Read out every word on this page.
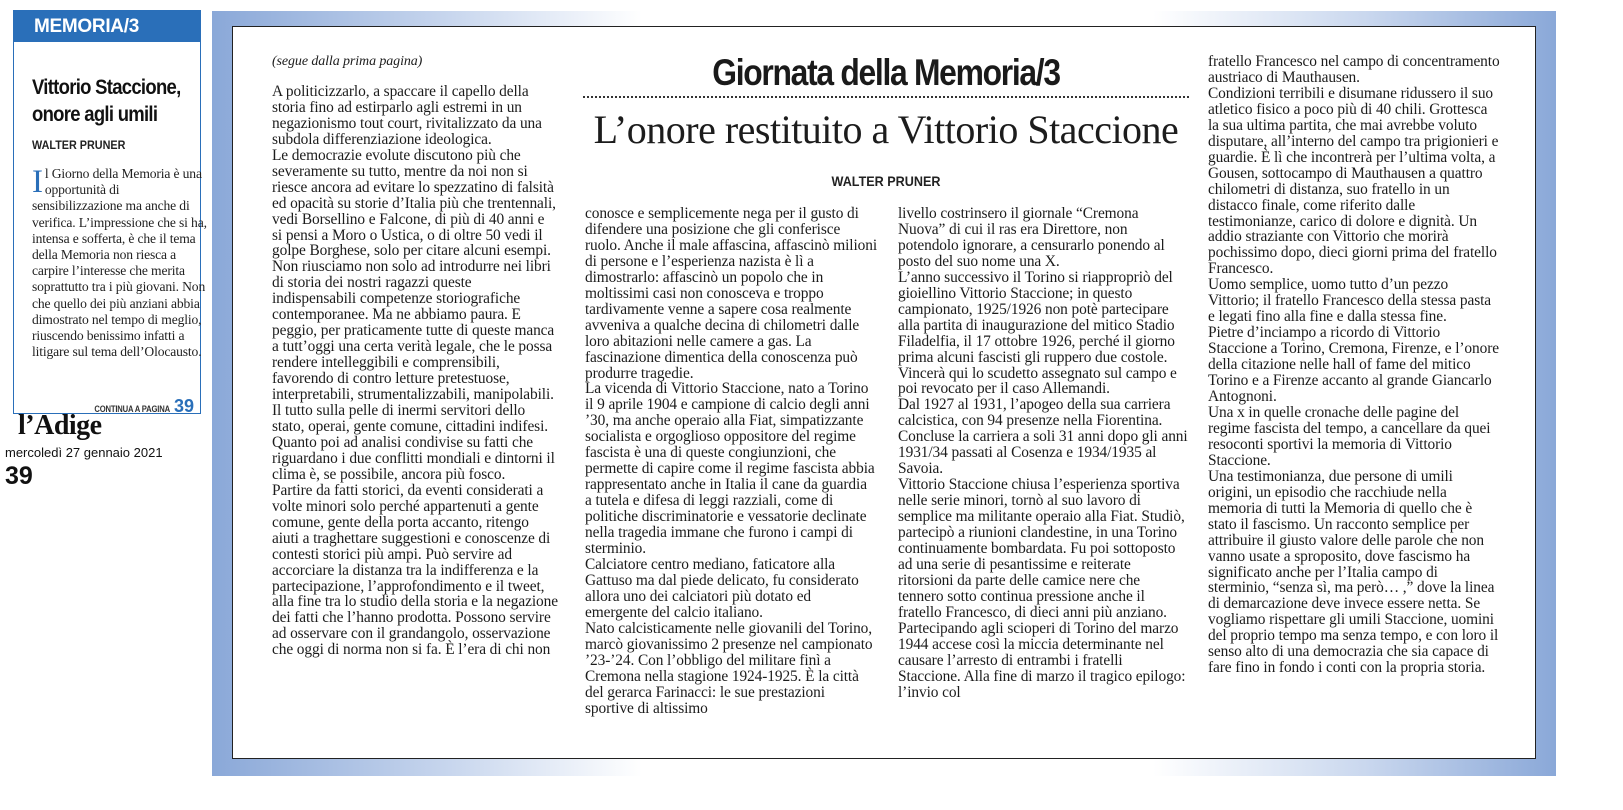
MEMORIA/3
Vittorio Staccione, onore agli umili
WALTER PRUNER
Il Giorno della Memoria è una opportunità di sensibilizzazione ma anche di verifica. L’impressione che si ha, intensa e sofferta, è che il tema della Memoria non riesca a carpire l’interesse che merita soprattutto tra i più giovani. Non che quello dei più anziani abbia dimostrato nel tempo di meglio, riuscendo benissimo infatti a litigare sul tema dell’Olocausto.
CONTINUA A PAGINA 39
l’Adige
mercoledì 27 gennaio 2021
39
Giornata della Memoria/3
L’onore restituito a Vittorio Staccione
WALTER PRUNER

(segue dalla prima pagina)

A politicizzarlo, a spaccare il capello della storia fino ad estirparlo agli estremi in un negazionismo tout court, rivitalizzato da una subdola differenziazione ideologica.

Le democrazie evolute discutono più che severamente su tutto, mentre da noi non si riesce ancora ad evitare lo spezzatino di falsità ed opacità su storie d’Italia più che trentennali, vedi Borsellino e Falcone, di più di 40 anni e si pensi a Moro o Ustica, o di oltre 50 vedi il golpe Borghese, solo per citare alcuni esempi.

Non riusciamo non solo ad introdurre nei libri di storia dei nostri ragazzi queste indispensabili competenze storiografiche contemporanee. Ma ne abbiamo paura. E peggio, per praticamente tutte di queste manca a tutt’oggi una certa verità legale, che le possa rendere intelleggibili e comprensibili, favorendo di contro letture pretestuose, interpretabili, strumentalizzabili, manipolabili. Il tutto sulla pelle di inermi servitori dello stato, operai, gente comune, cittadini indifesi.

Quanto poi ad analisi condivise su fatti che riguardano i due conflitti mondiali e dintorni il clima è, se possibile, ancora più fosco.

Partire da fatti storici, da eventi considerati a volte minori solo perché appartenuti a gente comune, gente della porta accanto, ritengo aiuti a traghettare suggestioni e conoscenze di contesti storici più ampi. Può servire ad accorciare la distanza tra la indifferenza e la partecipazione, l’approfondimento e il tweet, alla fine tra lo studio della storia e la negazione dei fatti che l’hanno prodotta. Possono servire ad osservare con il grandangolo, osservazione che oggi di norma non si fa. È l’era di chi non

conosce e semplicemente nega per il gusto di difendere una posizione che gli conferisce ruolo. Anche il male affascina, affascinò milioni di persone e l’esperienza nazista è lì a dimostrarlo: affascinò un popolo che in moltissimi casi non conosceva e troppo tardivamente venne a sapere cosa realmente avveniva a qualche decina di chilometri dalle loro abitazioni nelle camere a gas. La fascinazione dimentica della conoscenza può produrre tragedie.

La vicenda di Vittorio Staccione, nato a Torino il 9 aprile 1904 e campione di calcio degli anni ’30, ma anche operaio alla Fiat, simpatizzante socialista e orgoglioso oppositore del regime fascista è una di queste congiunzioni, che permette di capire come il regime fascista abbia rappresentato anche in Italia il cane da guardia a tutela e difesa di leggi razziali, come di politiche discriminatorie e vessatorie declinate nella tragedia immane che furono i campi di sterminio.

Calciatore centro mediano, faticatore alla Gattuso ma dal piede delicato, fu considerato allora uno dei calciatori più dotato ed emergente del calcio italiano.

Nato calcisticamente nelle giovanili del Torino, marcò giovanissimo 2 presenze nel campionato ’23-’24. Con l’obbligo del militare finì a Cremona nella stagione 1924-1925. È la città del gerarca Farinacci: le sue prestazioni sportive di altissimo

livello costrinsero il giornale “Cremona Nuova” di cui il ras era Direttore, non potendolo ignorare, a censurarlo ponendo al posto del suo nome una X.

L’anno successivo il Torino si riappropriò del gioiellino Vittorio Staccione; in questo campionato, 1925/1926 non potè partecipare alla partita di inaugurazione del mitico Stadio Filadelfia, il 17 ottobre 1926, perché il giorno prima alcuni fascisti gli ruppero due costole. Vincerà qui lo scudetto assegnato sul campo e poi revocato per il caso Allemandi.

Dal 1927 al 1931, l’apogeo della sua carriera calcistica, con 94 presenze nella Fiorentina. Concluse la carriera a soli 31 anni dopo gli anni 1931/34 passati al Cosenza e 1934/1935 al Savoia.

Vittorio Staccione chiusa l’esperienza sportiva nelle serie minori, tornò al suo lavoro di semplice ma militante operaio alla Fiat. Studiò, partecipò a riunioni clandestine, in una Torino continuamente bombardata. Fu poi sottoposto ad una serie di pesantissime e reiterate ritorsioni da parte delle camice nere che tennero sotto continua pressione anche il fratello Francesco, di dieci anni più anziano.

Partecipando agli scioperi di Torino del marzo 1944 accese così la miccia determinante nel causare l’arresto di entrambi i fratelli Staccione. Alla fine di marzo il tragico epilogo: l’invio col

fratello Francesco nel campo di concentramento austriaco di Mauthausen.

Condizioni terribili e disumane ridussero il suo atletico fisico a poco più di 40 chili. Grottesca la sua ultima partita, che mai avrebbe voluto disputare, all’interno del campo tra prigionieri e guardie. È lì che incontrerà per l’ultima volta, a Gousen, sottocampo di Mauthausen a quattro chilometri di distanza, suo fratello in un distacco finale, come riferito dalle testimonianze, carico di dolore e dignità. Un addio straziante con Vittorio che morirà pochissimo dopo, dieci giorni prima del fratello Francesco.

Uomo semplice, uomo tutto d’un pezzo Vittorio; il fratello Francesco della stessa pasta e legati fino alla fine e dalla stessa fine.

Pietre d’inciampo a ricordo di Vittorio Staccione a Torino, Cremona, Firenze, e l’onore della citazione nelle hall of fame del mitico Torino e a Firenze accanto al grande Giancarlo Antognoni.

Una x in quelle cronache delle pagine del regime fascista del tempo, a cancellare da quei resoconti sportivi la memoria di Vittorio Staccione.

Una testimonianza, due persone di umili origini, un episodio che racchiude nella memoria di tutti la Memoria di quello che è stato il fascismo. Un racconto semplice per attribuire il giusto valore delle parole che non vanno usate a sproposito, dove fascismo ha significato anche per l’Italia campo di sterminio, “senza sì, ma però… ,” dove la linea di demarcazione deve invece essere netta. Se vogliamo rispettare gli umili Staccione, uomini del proprio tempo ma senza tempo, e con loro il senso alto di una democrazia che sia capace di fare fino in fondo i conti con la propria storia.
